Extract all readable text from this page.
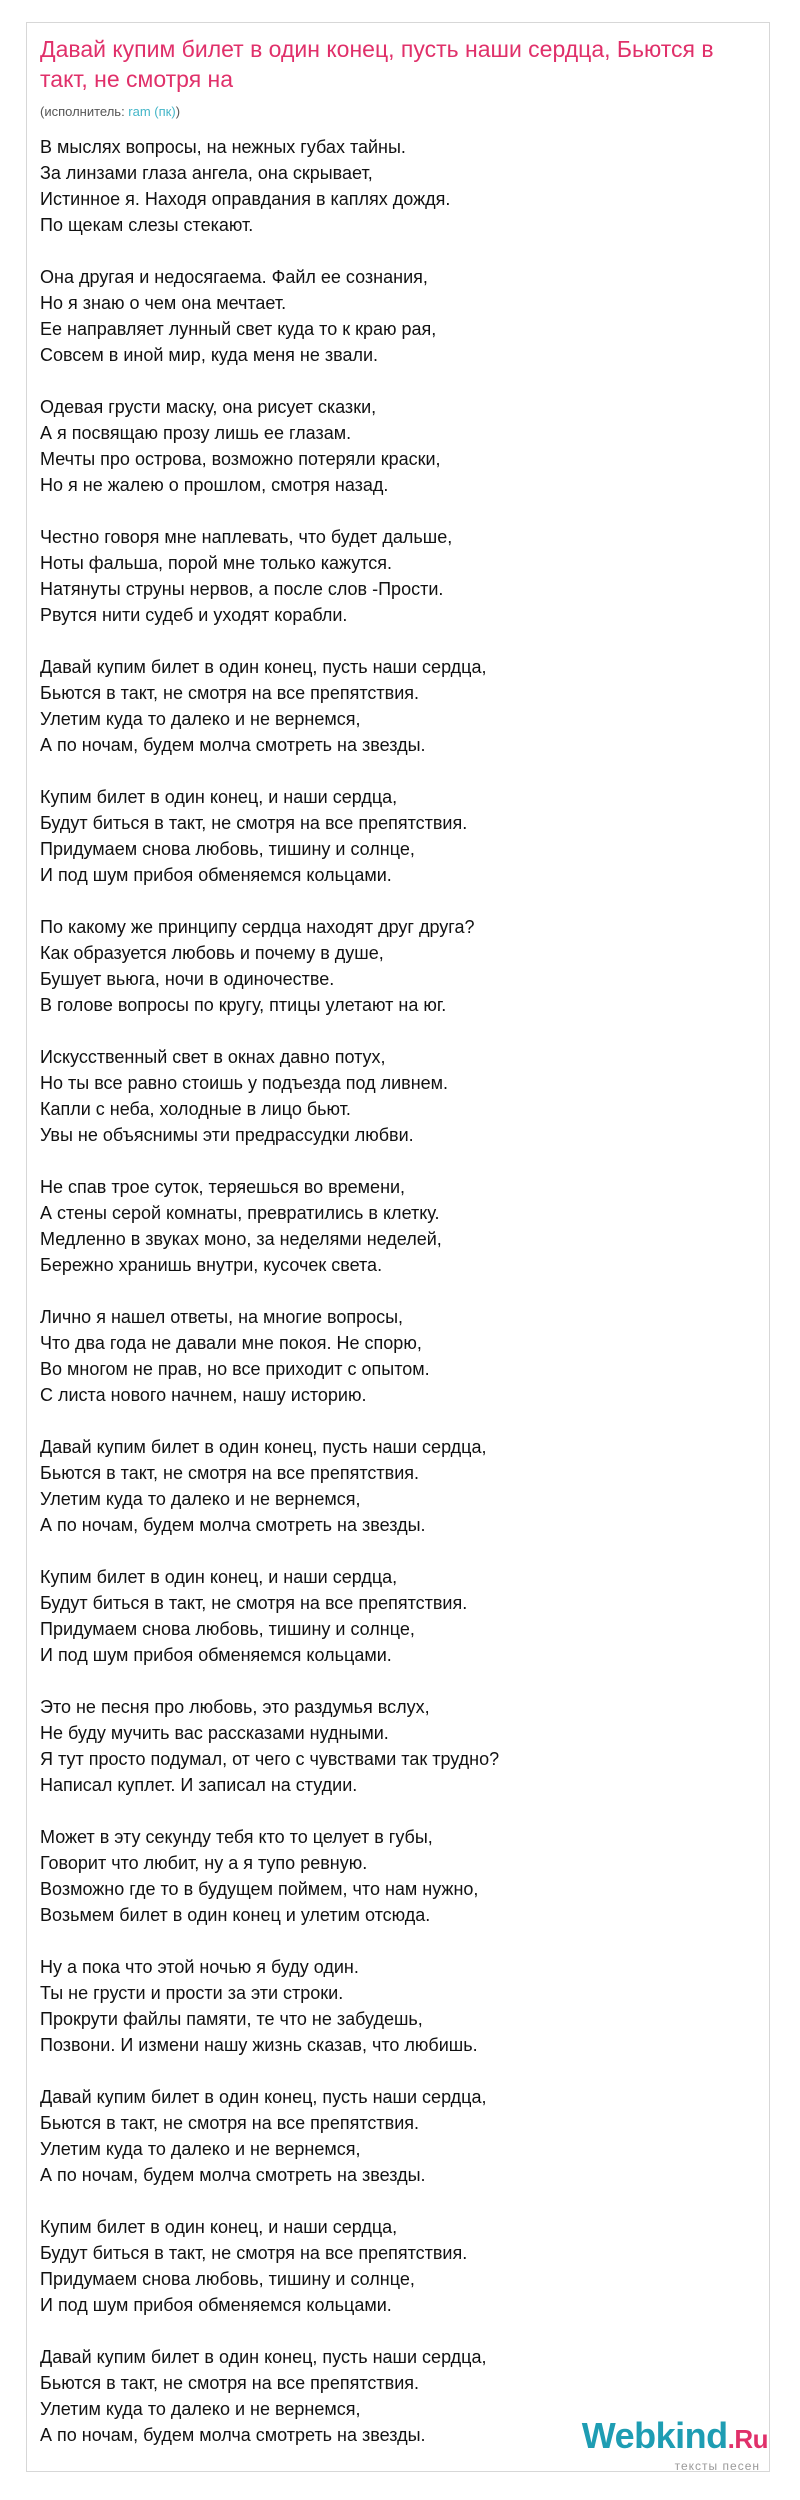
Давай купим билет в один конец, пусть наши сердца, Бьются в такт, не смотря на
(исполнитель: ram (пк))
В мыслях вопросы, на нежных губах тайны.
За линзами глаза ангела, она скрывает,
Истинное я. Находя оправдания в каплях дождя.
По щекам слезы стекают.
Она другая и недосягаема. Файл ее сознания,
Но я знаю о чем она мечтает.
Ее направляет лунный свет куда то к краю рая,
Совсем в иной мир, куда меня не звали.
Одевая грусти маску, она рисует сказки,
А я посвящаю прозу лишь ее глазам.
Мечты про острова, возможно потеряли краски,
Но я не жалею о прошлом, смотря назад.
Честно говоря мне наплевать, что будет дальше,
Ноты фальша, порой мне только кажутся.
Натянуты струны нервов, а после слов -Прости.
Рвутся нити судеб и уходят корабли.
Давай купим билет в один конец, пусть наши сердца,
Бьются в такт, не смотря на все препятствия.
Улетим куда то далеко и не вернемся,
А по ночам, будем молча смотреть на звезды.
Купим билет в один конец, и наши сердца,
Будут биться в такт, не смотря на все препятствия.
Придумаем снова любовь, тишину и солнце,
И под шум прибоя обменяемся кольцами.
По какому же принципу сердца находят друг друга?
Как образуется любовь и почему в душе,
Бушует вьюга, ночи в одиночестве.
В голове вопросы по кругу, птицы улетают на юг.
Искусственный свет в окнах давно потух,
Но ты все равно стоишь у подъезда под ливнем.
Капли с неба, холодные в лицо бьют.
Увы не объяснимы эти предрассудки любви.
Не спав трое суток, теряешься во времени,
А стены серой комнаты, превратились в клетку.
Медленно в звуках моно, за неделями неделей,
Бережно хранишь внутри, кусочек света.
Лично я нашел ответы, на многие вопросы,
Что два года не давали мне покоя. Не спорю,
Во многом не прав, но все приходит с опытом.
С листа нового начнем, нашу историю.
Давай купим билет в один конец, пусть наши сердца,
Бьются в такт, не смотря на все препятствия.
Улетим куда то далеко и не вернемся,
А по ночам, будем молча смотреть на звезды.
Купим билет в один конец, и наши сердца,
Будут биться в такт, не смотря на все препятствия.
Придумаем снова любовь, тишину и солнце,
И под шум прибоя обменяемся кольцами.
Это не песня про любовь, это раздумья вслух,
Не буду мучить вас рассказами нудными.
Я тут просто подумал, от чего с чувствами так трудно?
Написал куплет. И записал на студии.
Может в эту секунду тебя кто то целует в губы,
Говорит что любит, ну а я тупо ревную.
Возможно где то в будущем поймем, что нам нужно,
Возьмем билет в один конец и улетим отсюда.
Ну а пока что этой ночью я буду один.
Ты не грусти и прости за эти строки.
Прокрути файлы памяти, те что не забудешь,
Позвони. И измени нашу жизнь сказав, что любишь.
Давай купим билет в один конец, пусть наши сердца,
Бьются в такт, не смотря на все препятствия.
Улетим куда то далеко и не вернемся,
А по ночам, будем молча смотреть на звезды.
Купим билет в один конец, и наши сердца,
Будут биться в такт, не смотря на все препятствия.
Придумаем снова любовь, тишину и солнце,
И под шум прибоя обменяемся кольцами.
Давай купим билет в один конец, пусть наши сердца,
Бьются в такт, не смотря на все препятствия.
Улетим куда то далеко и не вернемся,
А по ночам, будем молча смотреть на звезды.	Webkind.Ru
тексты песен
